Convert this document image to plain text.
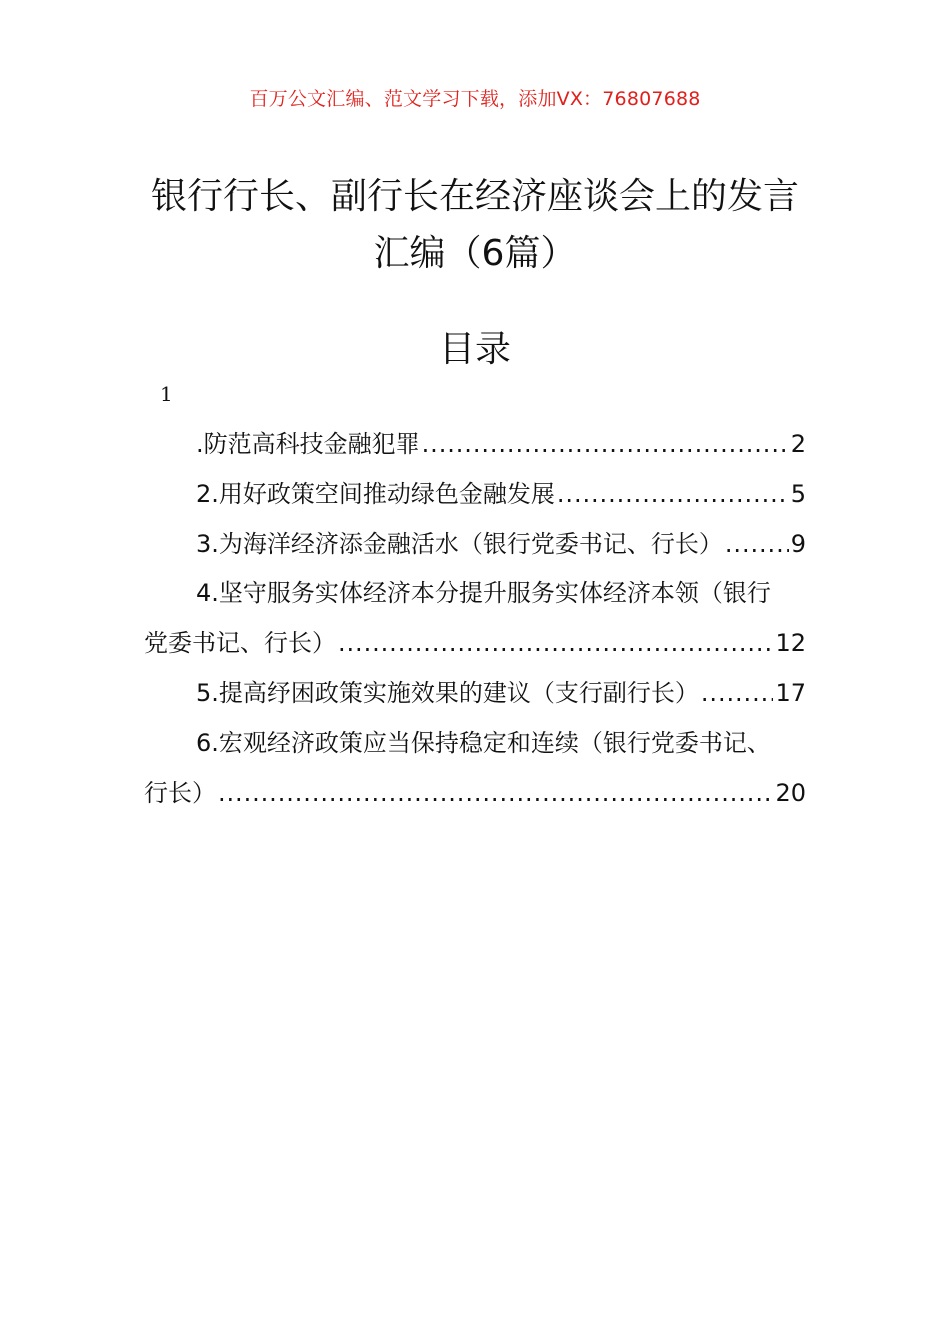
百万公文汇编、范文学习下载，添加VX：76807688
银行行长、副行长在经济座谈会上的发言
汇编（6篇）
目录
1
.防范高科技金融犯罪 .....	2
2.用好政策空间推动绿色金融发展 .....	5
3.为海洋经济添金融活水（银行党委书记、行长） .....	9
4.坚守服务实体经济本分提升服务实体经济本领（银行
党委书记、行长） .....	12
5.提高纾困政策实施效果的建议（支行副行长） .....	17
6.宏观经济政策应当保持稳定和连续（银行党委书记、
行长） .....	20
